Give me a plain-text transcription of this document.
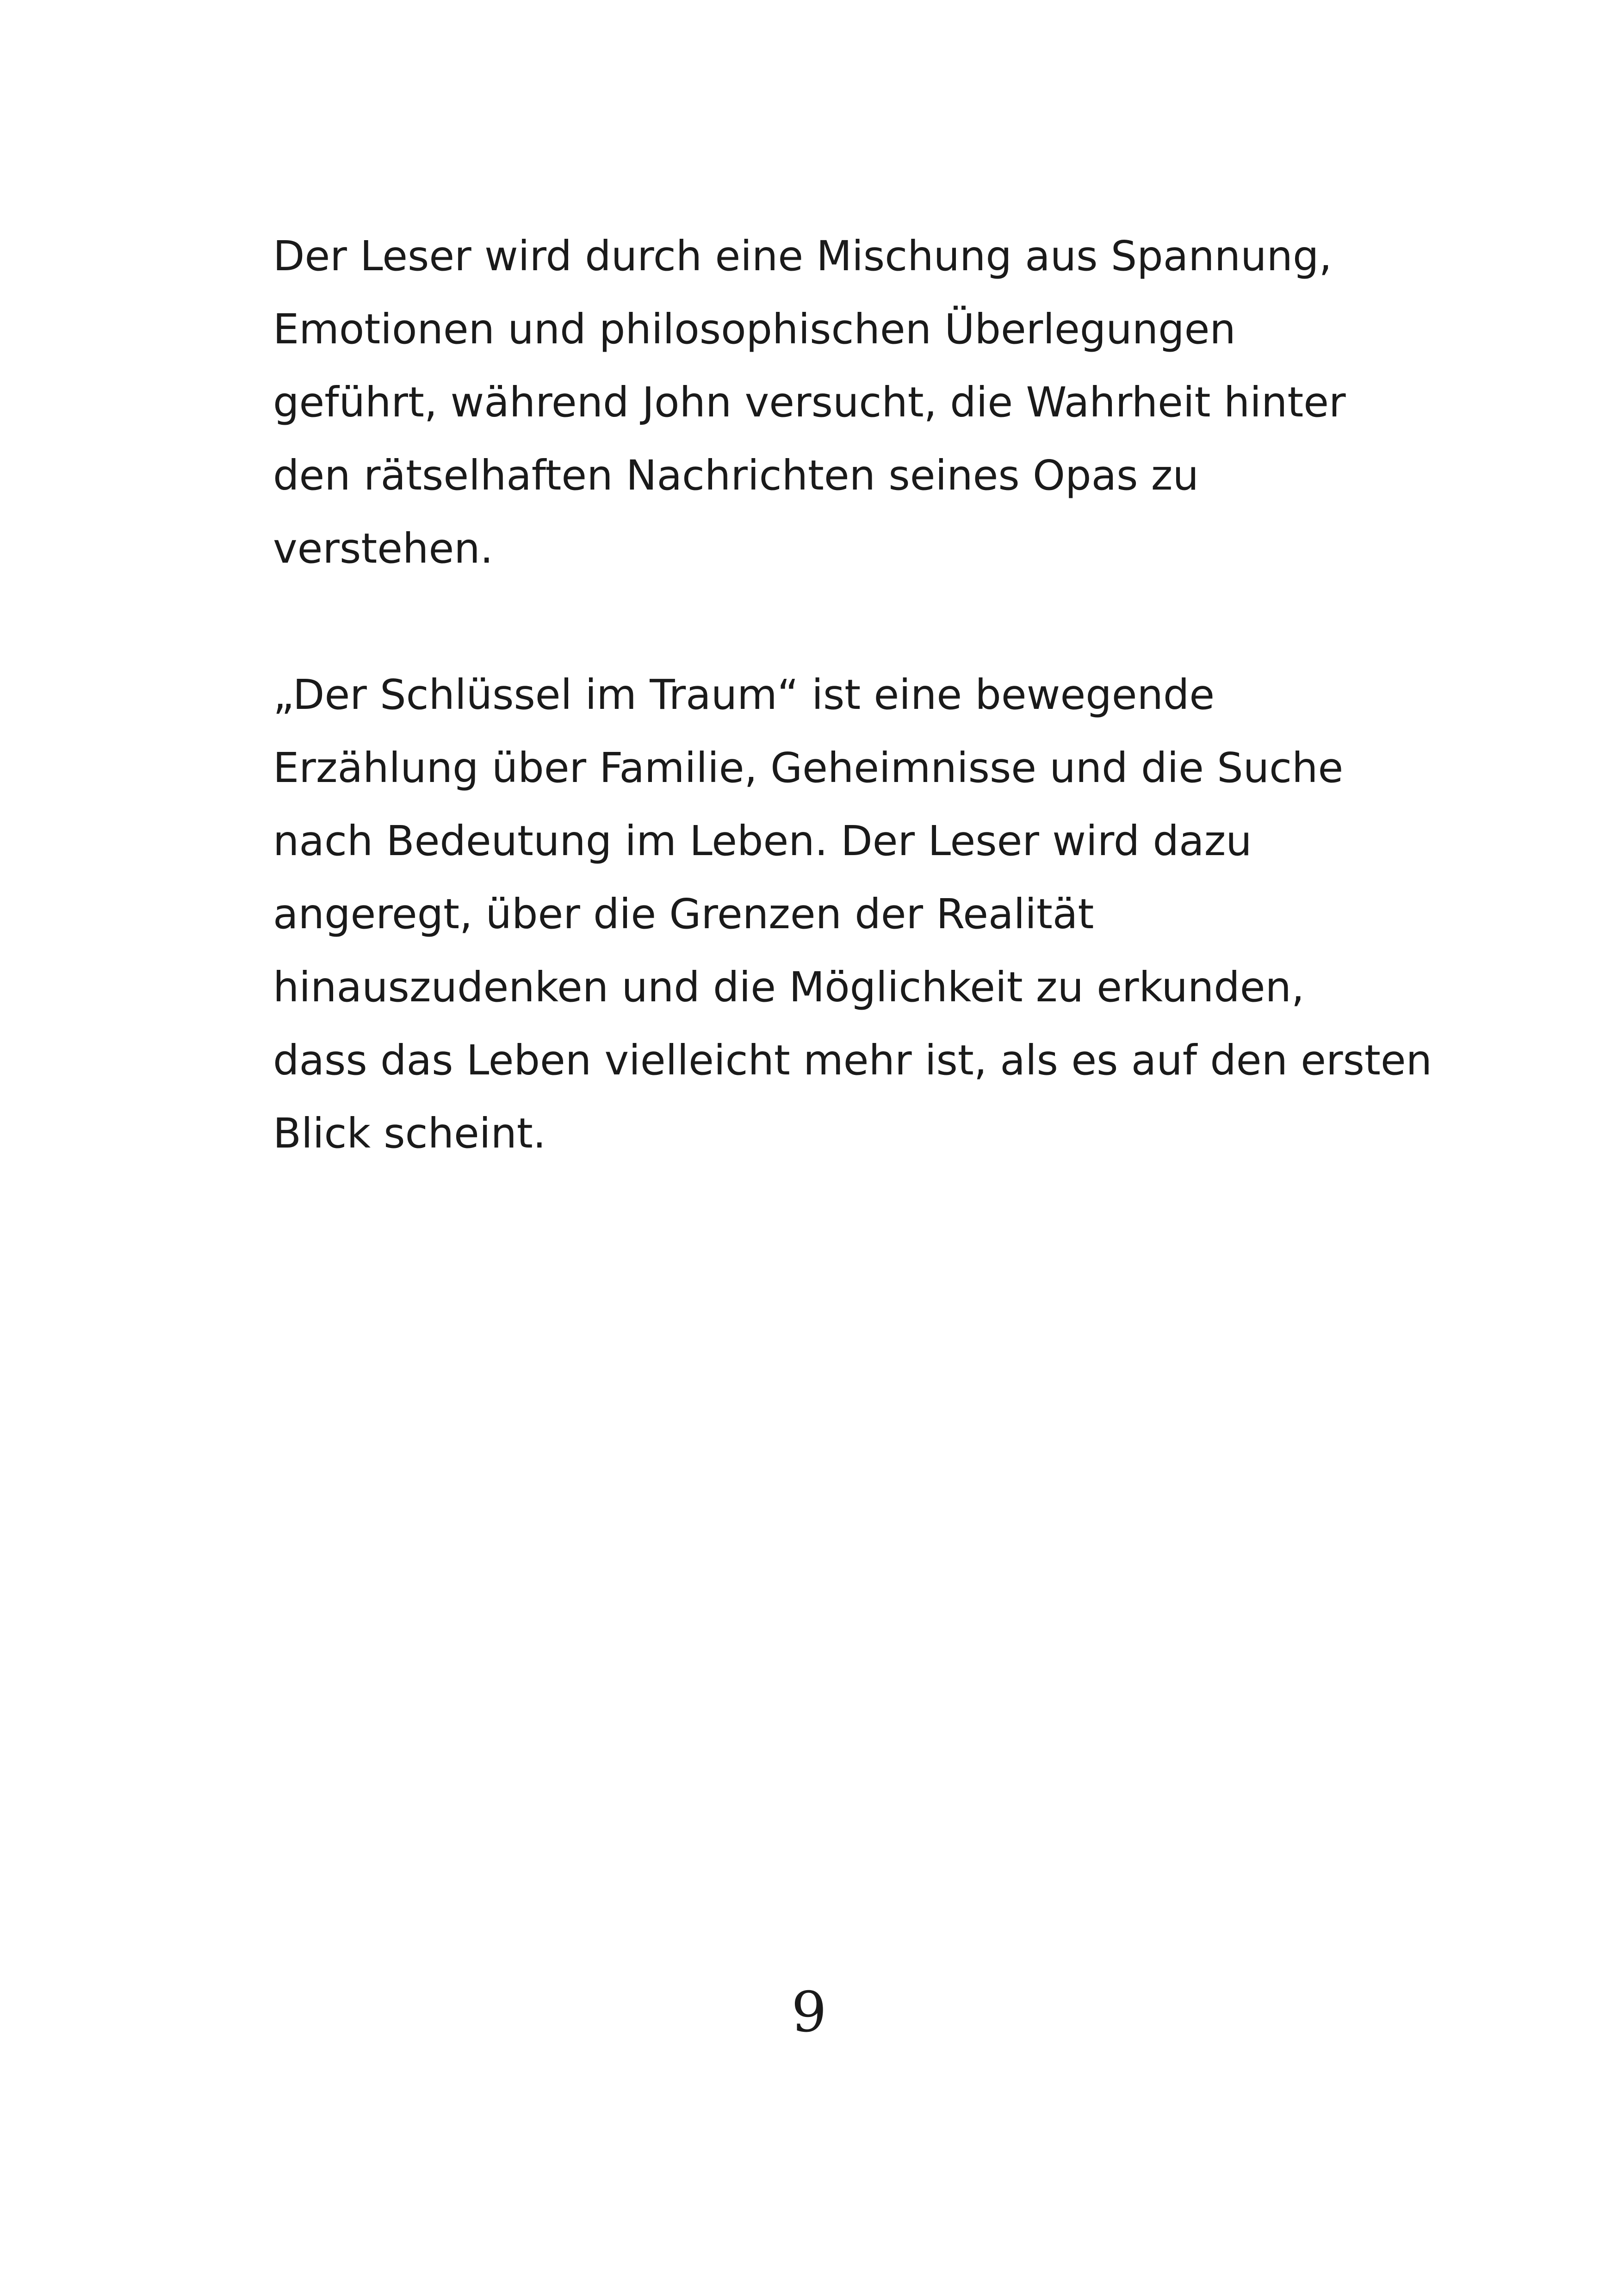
Der Leser wird durch eine Mischung aus Spannung,
Emotionen und philosophischen Überlegungen
geführt, während John versucht, die Wahrheit hinter
den rätselhaften Nachrichten seines Opas zu
verstehen.
„Der Schlüssel im Traum“ ist eine bewegende
Erzählung über Familie, Geheimnisse und die Suche
nach Bedeutung im Leben. Der Leser wird dazu
angeregt, über die Grenzen der Realität
hinauszudenken und die Möglichkeit zu erkunden,
dass das Leben vielleicht mehr ist, als es auf den ersten
Blick scheint.
9
